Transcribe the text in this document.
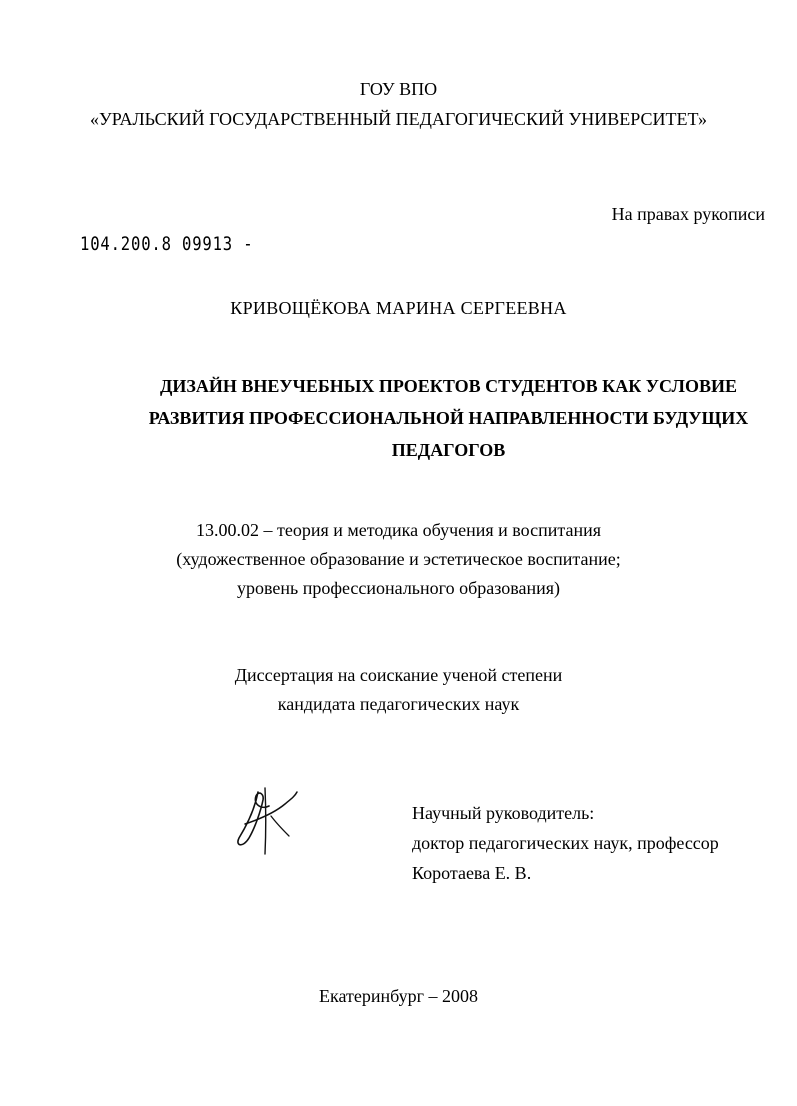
ГОУ ВПО
«УРАЛЬСКИЙ ГОСУДАРСТВЕННЫЙ ПЕДАГОГИЧЕСКИЙ УНИВЕРСИТЕТ»
На правах рукописи
104.200.8 09913 -
КРИВОЩЁКОВА МАРИНА СЕРГЕЕВНА
ДИЗАЙН ВНЕУЧЕБНЫХ ПРОЕКТОВ СТУДЕНТОВ КАК УСЛОВИЕ
РАЗВИТИЯ ПРОФЕССИОНАЛЬНОЙ НАПРАВЛЕННОСТИ БУДУЩИХ
ПЕДАГОГОВ
13.00.02 – теория и методика обучения и воспитания
(художественное образование и эстетическое воспитание;
уровень профессионального образования)
Диссертация на соискание ученой степени
кандидата педагогических наук
Научный руководитель:
доктор педагогических наук, профессор
Коротаева Е. В.
Екатеринбург – 2008
